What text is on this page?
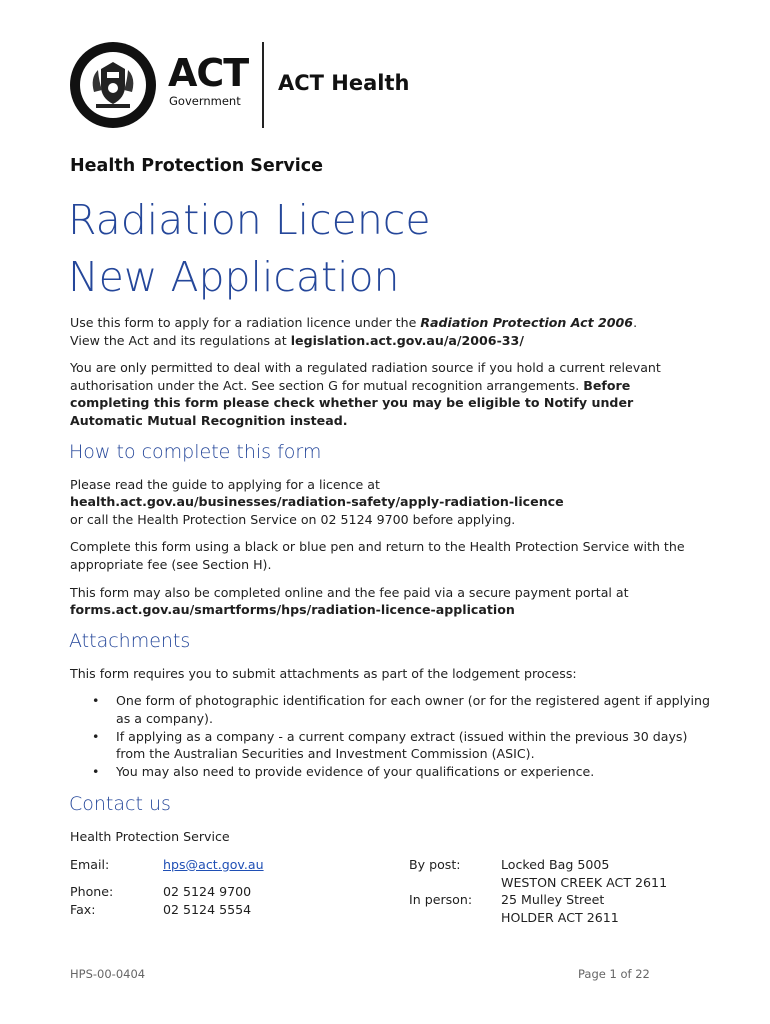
ACT
Government
ACT Health
Health Protection Service
Radiation Licence
New Application

Use this form to apply for a radiation licence under the Radiation Protection Act 2006.
View the Act and its regulations at legislation.act.gov.au/a/2006-33/

You are only permitted to deal with a regulated radiation source if you hold a current relevant authorisation under the Act. See section G for mutual recognition arrangements. Before completing this form please check whether you may be eligible to Notify under Automatic Mutual Recognition instead.

How to complete this form

Please read the guide to applying for a licence at
health.act.gov.au/businesses/radiation-safety/apply-radiation-licence
or call the Health Protection Service on 02 5124 9700 before applying.

Complete this form using a black or blue pen and return to the Health Protection Service with the appropriate fee (see Section H).

This form may also be completed online and the fee paid via a secure payment portal at
forms.act.gov.au/smartforms/hps/radiation-licence-application

Attachments

This form requires you to submit attachments as part of the lodgement process:

• One form of photographic identification for each owner (or for the registered agent if applying as a company).
• If applying as a company - a current company extract (issued within the previous 30 days) from the Australian Securities and Investment Commission (ASIC).
• You may also need to provide evidence of your qualifications or experience.
Contact us

Health Protection Service

Email:	hps@act.gov.au
Phone:	02 5124 9700
Fax:	02 5124 5554
By post:	Locked Bag 5005
WESTON CREEK ACT 2611
In person: 25 Mulley Street
HOLDER ACT 2611
HPS-00-0404	Page 1 of 22
